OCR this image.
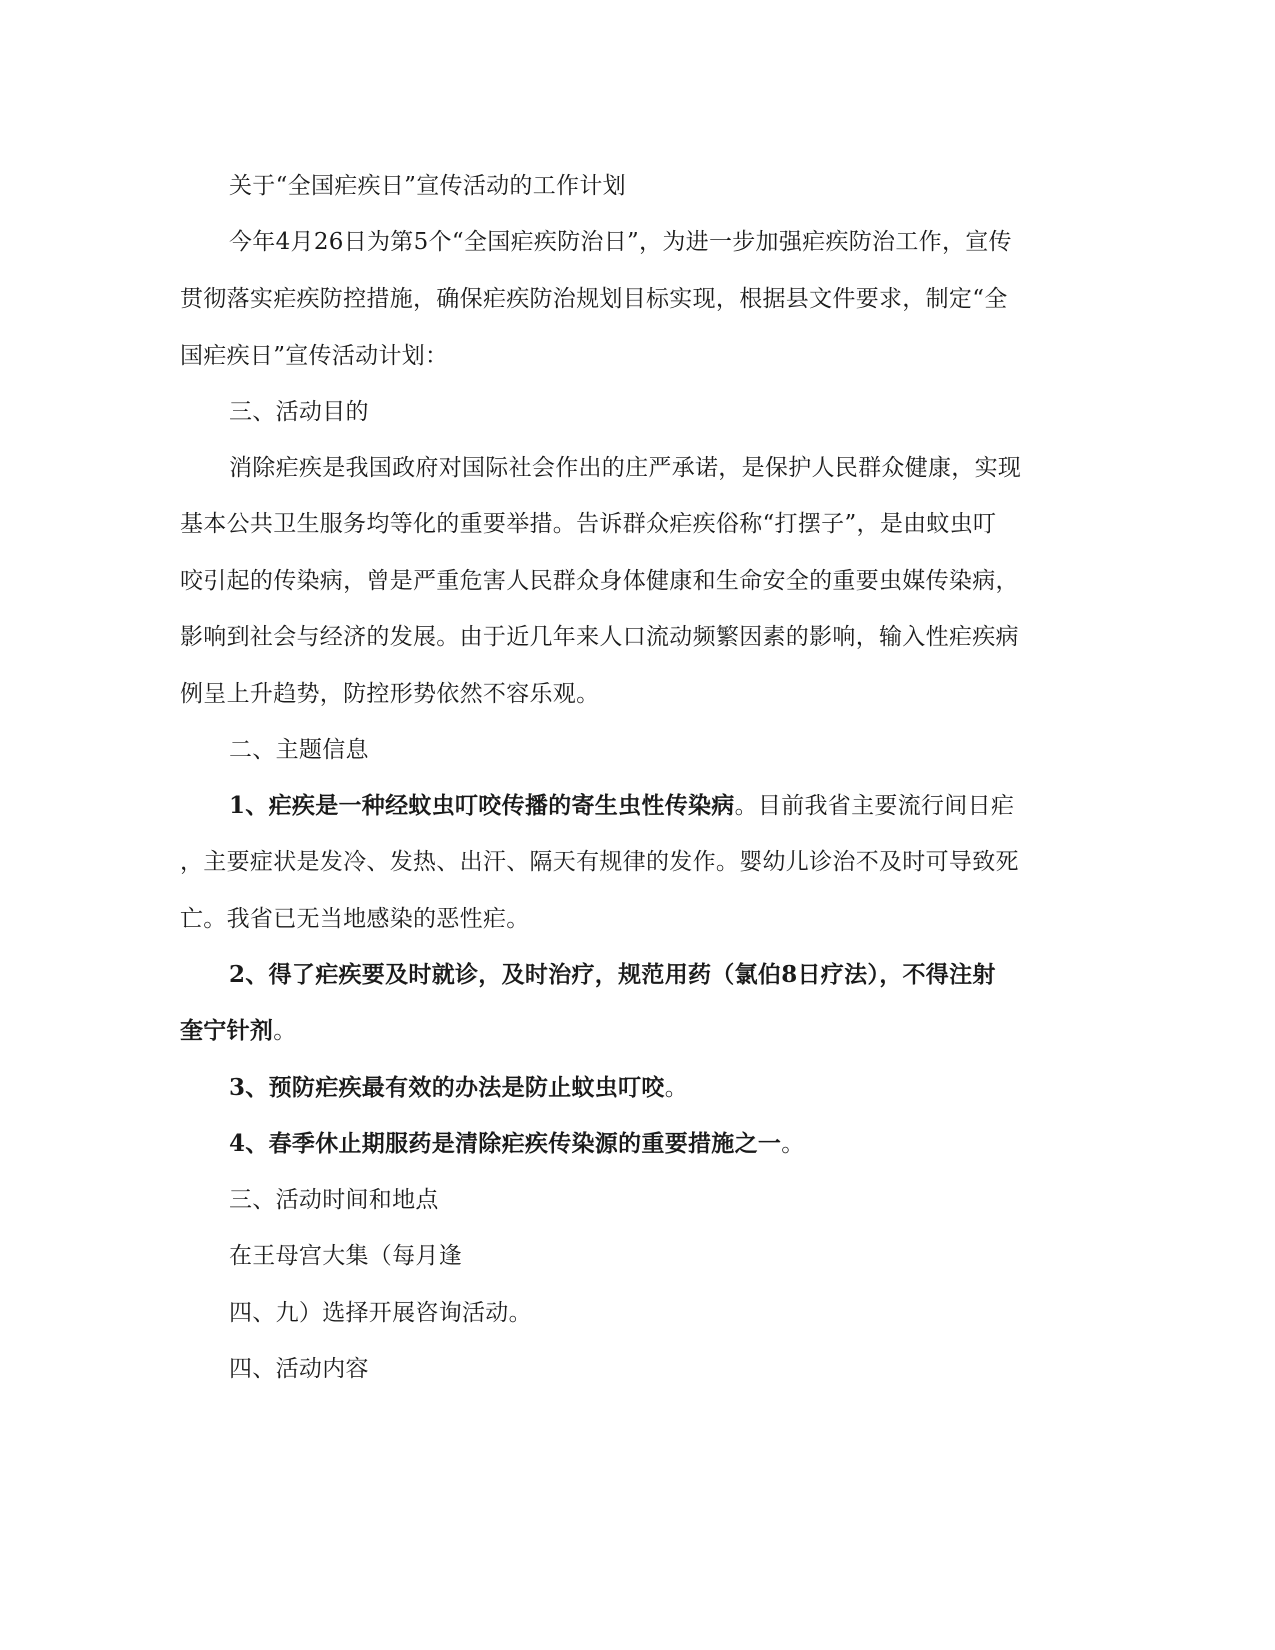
关于“全国疟疾日”宣传活动的工作计划
今年4月26日为第5个“全国疟疾防治日”，为进一步加强疟疾防治工作，宣传
贯彻落实疟疾防控措施，确保疟疾防治规划目标实现，根据县文件要求，制定“全
国疟疾日”宣传活动计划：
三、活动目的
消除疟疾是我国政府对国际社会作出的庄严承诺，是保护人民群众健康，实现
基本公共卫生服务均等化的重要举措。告诉群众疟疾俗称“打摆子”，是由蚊虫叮
咬引起的传染病，曾是严重危害人民群众身体健康和生命安全的重要虫媒传染病，
影响到社会与经济的发展。由于近几年来人口流动频繁因素的影响，输入性疟疾病
例呈上升趋势，防控形势依然不容乐观。
二、主题信息
1、疟疾是一种经蚊虫叮咬传播的寄生虫性传染病。目前我省主要流行间日疟
，主要症状是发冷、发热、出汗、隔天有规律的发作。婴幼儿诊治不及时可导致死
亡。我省已无当地感染的恶性疟。
2、得了疟疾要及时就诊，及时治疗，规范用药（氯伯8日疗法），不得注射
奎宁针剂。
3、预防疟疾最有效的办法是防止蚊虫叮咬。
4、春季休止期服药是清除疟疾传染源的重要措施之一。
三、活动时间和地点
在王母宫大集（每月逢
四、九）选择开展咨询活动。
四、活动内容
